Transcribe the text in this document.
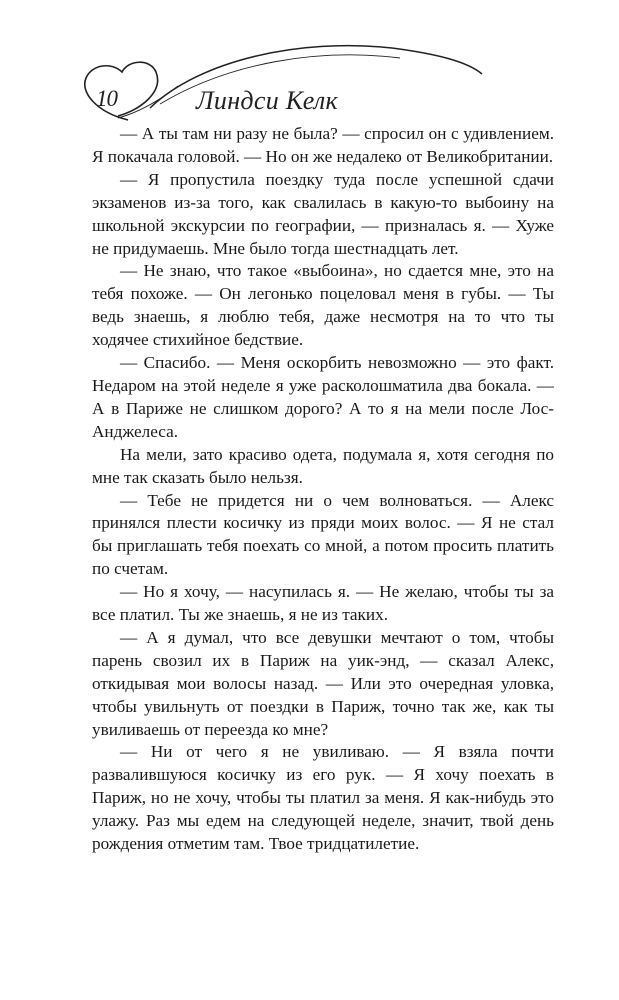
10	Линдси Келк

— А ты там ни разу не была? — спросил он с удивлением. Я покачала головой. — Но он же недалеко от Великобритании.

— Я пропустила поездку туда после успешной сдачи экзаменов из-за того, как свалилась в какую-то выбоину на школьной экскурсии по географии, — призналась я. — Хуже не придумаешь. Мне было тогда шестнадцать лет.

— Не знаю, что такое «выбоина», но сдается мне, это на тебя похоже. — Он легонько поцеловал меня в губы. — Ты ведь знаешь, я люблю тебя, даже несмотря на то что ты ходячее стихийное бедствие.

— Спасибо. — Меня оскорбить невозможно — это факт. Недаром на этой неделе я уже расколошматила два бокала. — А в Париже не слишком дорого? А то я на мели после Лос-Анджелеса.

На мели, зато красиво одета, подумала я, хотя сегодня по мне так сказать было нельзя.

— Тебе не придется ни о чем волноваться. — Алекс принялся плести косичку из пряди моих волос. — Я не стал бы приглашать тебя поехать со мной, а потом просить платить по счетам.

— Но я хочу, — насупилась я. — Не желаю, чтобы ты за все платил. Ты же знаешь, я не из таких.

— А я думал, что все девушки мечтают о том, чтобы парень свозил их в Париж на уик-энд, — сказал Алекс, откидывая мои волосы назад. — Или это очередная уловка, чтобы увильнуть от поездки в Париж, точно так же, как ты увиливаешь от переезда ко мне?

— Ни от чего я не увиливаю. — Я взяла почти развалившуюся косичку из его рук. — Я хочу поехать в Париж, но не хочу, чтобы ты платил за меня. Я как-нибудь это улажу. Раз мы едем на следующей неделе, значит, твой день рождения отметим там. Твое тридцатилетие.
